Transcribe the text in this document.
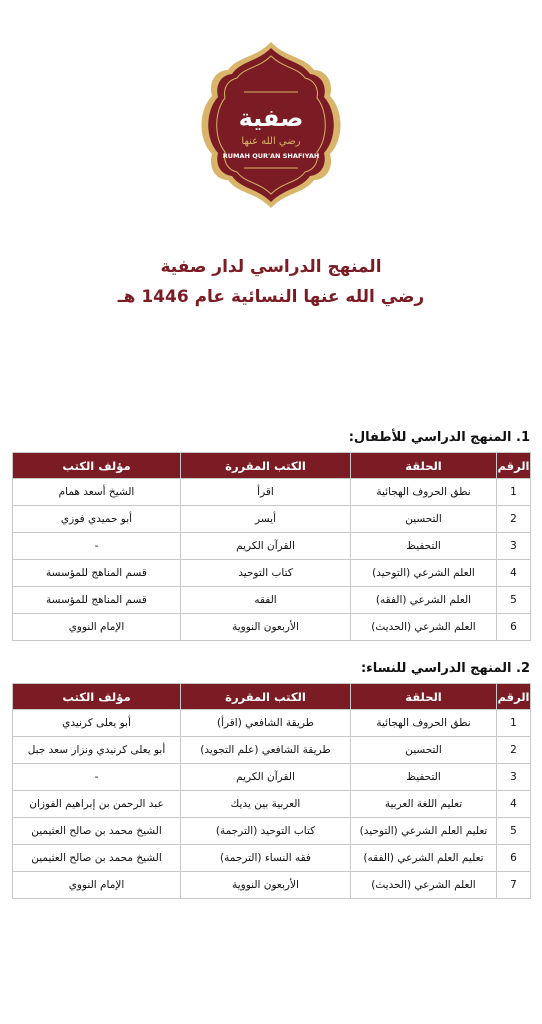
صفية
رضي الله عنها
RUMAH QUR'AN SHAFIYAH
المنهج الدراسي لدار صفية
رضي الله عنها النسائية عام 1446 هـ
1. المنهج الدراسي للأطفال:
الرقم	الحلقة	الكتب المقررة	مؤلف الكتب
1	نطق الحروف الهجائية	اقرأ	الشيخ أسعد همام
2	التحسين	أيسر	أبو حميدي فوزي
3	التحفيظ	القرآن الكريم	-
4	العلم الشرعي (التوحيد)	كتاب التوحيد	قسم المناهج للمؤسسة
5	العلم الشرعي (الفقه)	الفقه	قسم المناهج للمؤسسة
6	العلم الشرعي (الحديث)	الأربعون النووية	الإمام النووي
2. المنهج الدراسي للنساء:
الرقم	الحلقة	الكتب المقررة	مؤلف الكتب
1	نطق الحروف الهجائية	طريقة الشافعي (اقرأ)	أبو يعلى كرنيدي
2	التحسين	طريقة الشافعي (علم التجويد)	أبو يعلى كرنيدي ونزار سعد جبل
3	التحفيظ	القرآن الكريم	-
4	تعليم اللغة العربية	العربية بين يديك	عبد الرحمن بن إبراهيم الفوزان
5	تعليم العلم الشرعي (التوحيد)	كتاب التوحيد (الترجمة)	الشيخ محمد بن صالح العثيمين
6	تعليم العلم الشرعي (الفقه)	فقه النساء (الترجمة)	الشيخ محمد بن صالح العثيمين
7	العلم الشرعي (الحديث)	الأربعون النووية	الإمام النووي
